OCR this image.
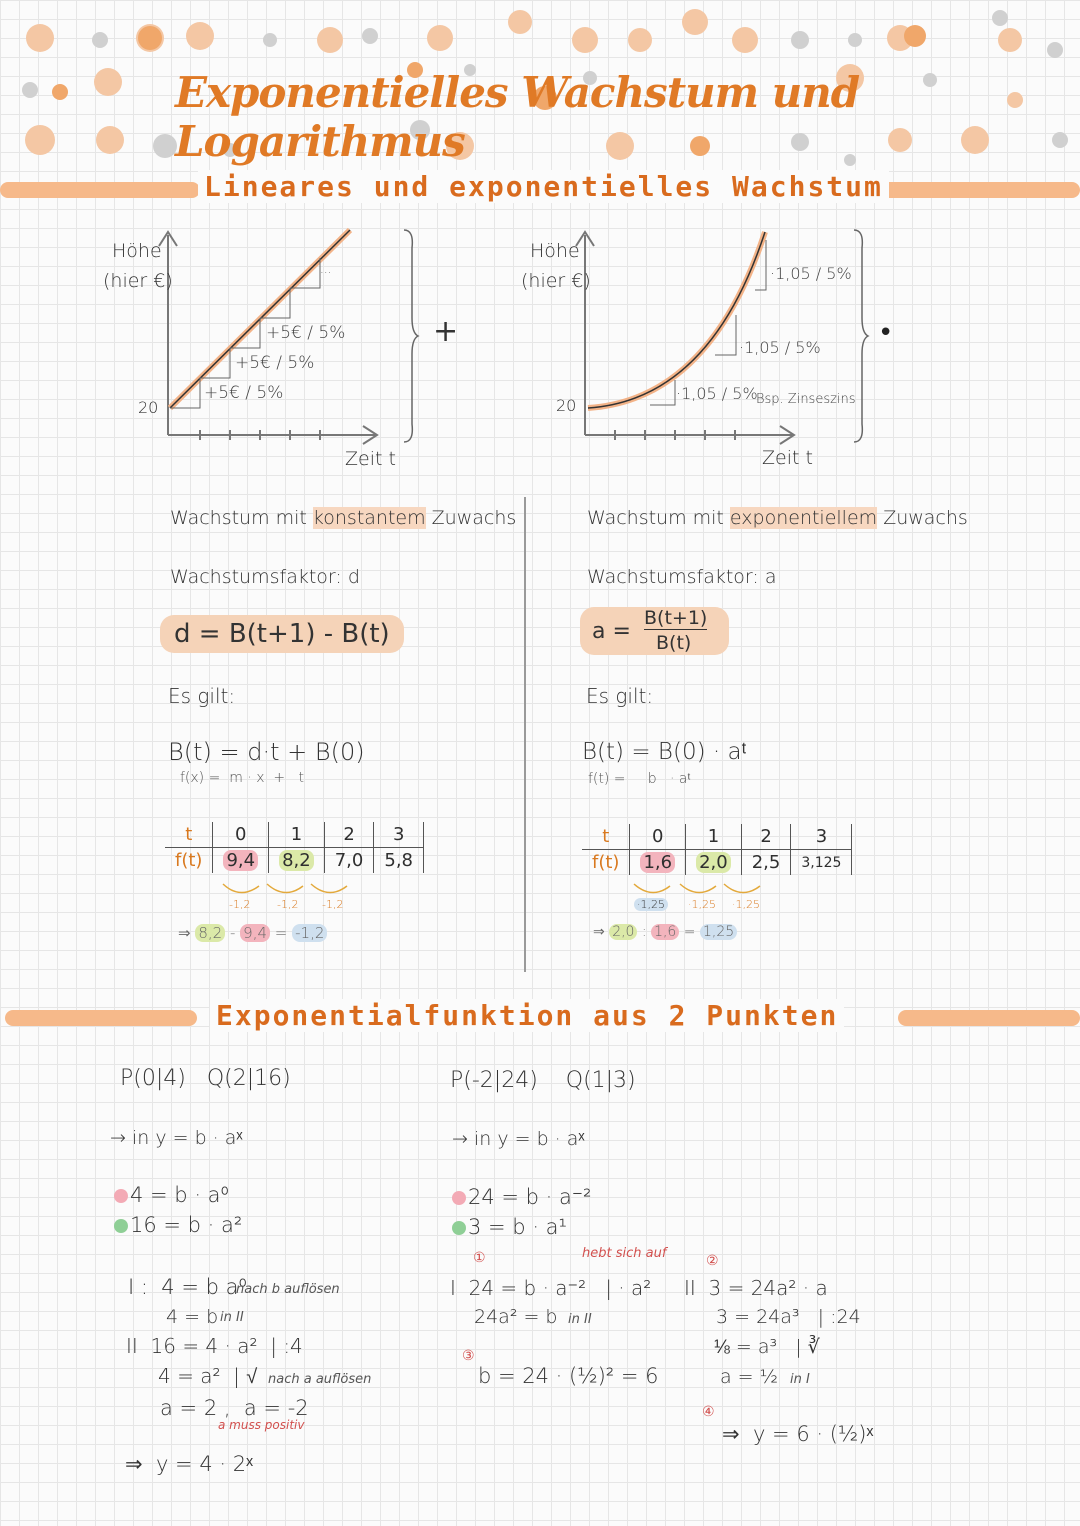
Exponentielles Wachstum und Logarithmus
Lineares und exponentielles Wachstum
Höhe
(hier €)
20
Zeit t
+5€ / 5%
+5€ / 5%
+5€ / 5%
...
+
Höhe
(hier €)
20
Zeit t
·1,05 / 5%
·1,05 / 5%
·1,05 / 5%
Bsp. Zinseszins
•
Wachstum mit konstantem Zuwachs
Wachstumsfaktor: d
d = B(t+1) - B(t)
Es gilt:
B(t) = d·t + B(0)
f(x) =  m · x  +   t
t	0	1	2	3
f(t)	9,4	8,2	7,0	5,8
-1,2 -1,2 -1,2
⇒ 8,2 - 9,4 = -1,2
Wachstum mit exponentiellem Zuwachs
Wachstumsfaktor: a
a =
B(t+1)
B(t)
Es gilt:
B(t) = B(0) · aᵗ
f(t) =     b   · aᵗ
t	0	1	2	3
f(t)	1,6	2,0	2,5	3,125
·1,25 ·1,25 ·1,25
⇒ 2,0 : 1,6 = 1,25
Exponentialfunktion aus 2 Punkten
P(0|4)   Q(2|16)
→ in y = b · aˣ
4 = b · a⁰
16 = b · a²
I :  4 = b a⁰
nach b auflösen
4 = b in II
II  16 = 4 · a²  | :4
4 = a²  | √ nach a auflösen
a = 2 ,  a = -2
a muss positiv
⇒  y = 4 · 2ˣ
P(-2|24)    Q(1|3)
→ in y = b · aˣ
24 = b · a⁻²
3 = b · a¹
①	hebt sich auf
I  24 = b · a⁻²   | · a²
24a² = b in II
③
b = 24 · (½)² = 6
②
II  3 = 24a² · a
3 = 24a³   | :24
⅛ = a³   | ∛
a = ½ in I
④
⇒  y = 6 · (½)ˣ
